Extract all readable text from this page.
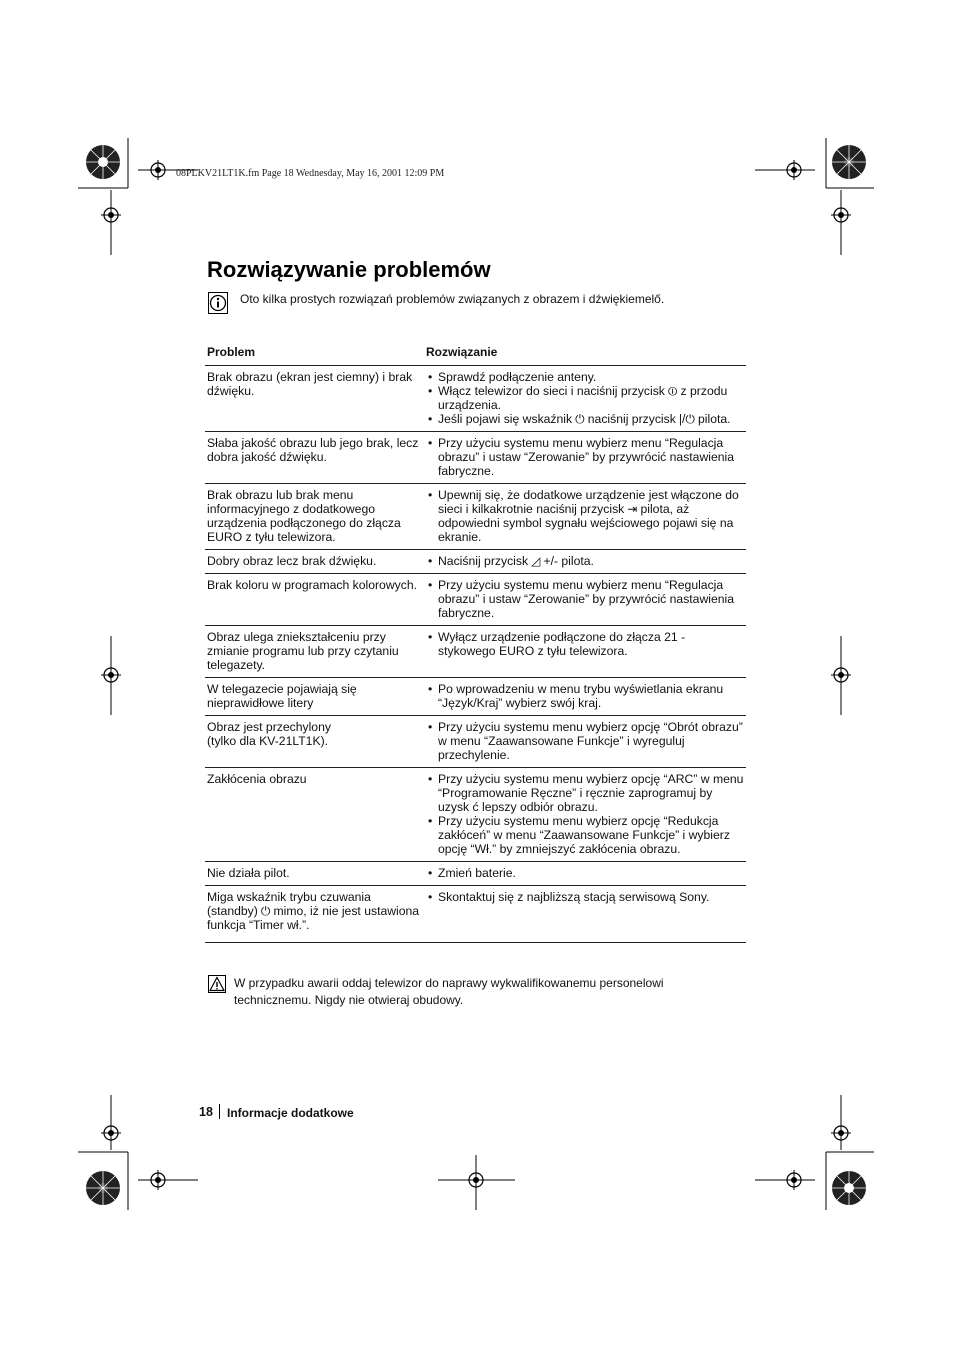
08PLKV21LT1K.fm Page 18 Wednesday, May 16, 2001 12:09 PM
Rozwiązywanie problemów
Oto kilka prostych rozwiązań problemów związanych z obrazem i dźwiękiemelő.
Problem	Rozwiązanie
Brak obrazu (ekran jest ciemny) i brak dźwięku.	• Sprawdź podłączenie anteny.
• Włącz telewizor do sieci i naciśnij przycisk ⏼ z przodu urządzenia.
• Jeśli pojawi się wskaźnik ⏻ naciśnij przycisk |/⏻ pilota.

Słaba jakość obrazu lub jego brak, lecz dobra jakość dźwięku.	• Przy użyciu systemu menu wybierz menu “Regulacja obrazu” i ustaw “Zerowanie” by przywrócić nastawienia fabryczne.

Brak obrazu lub brak menu informacyjnego z dodatkowego urządzenia podłączonego do złącza EURO z tyłu telewizora.	• Upewnij się, że dodatkowe urządzenie jest włączone do sieci i kilkakrotnie naciśnij przycisk ⇥ pilota, aż odpowiedni symbol sygnału wejściowego pojawi się na ekranie.

Dobry obraz lecz brak dźwięku.	• Naciśnij przycisk ◿ +/- pilota.

Brak koloru w programach kolorowych.	• Przy użyciu systemu menu wybierz menu “Regulacja obrazu” i ustaw “Zerowanie” by przywrócić nastawienia fabryczne.

Obraz ulega zniekształceniu przy zmianie programu lub przy czytaniu telegazety.	• Wyłącz urządzenie podłączone do złącza 21 - stykowego EURO z tyłu telewizora.

W telegazecie pojawiają się nieprawidłowe litery	• Po wprowadzeniu w menu trybu wyświetlania ekranu “Język/Kraj” wybierz swój kraj.

Obraz jest przechylony
(tylko dla KV-21LT1K).	• Przy użyciu systemu menu wybierz opcję “Obrót obrazu” w menu “Zaawansowane Funkcje” i wyreguluj przechylenie.

Zakłócenia obrazu	• Przy użyciu systemu menu wybierz opcję “ARC” w menu “Programowanie Ręczne” i ręcznie zaprogramuj by uzysk ć lepszy odbiór obrazu.
• Przy użyciu systemu menu wybierz opcję “Redukcja zakłóceń” w menu “Zaawansowane Funkcje” i wybierz opcję “Wł.” by zmniejszyć zakłócenia obrazu.

Nie działa pilot.	• Zmień baterie.

Miga wskaźnik trybu czuwania (standby) ⏻ mimo, iż nie jest ustawiona funkcja “Timer wł.”.	• Skontaktuj się z najbliższą stacją serwisową Sony.
W przypadku awarii oddaj telewizor do naprawy wykwalifikowanemu personelowi technicznemu. Nigdy nie otwieraj obudowy.
18 Informacje dodatkowe
